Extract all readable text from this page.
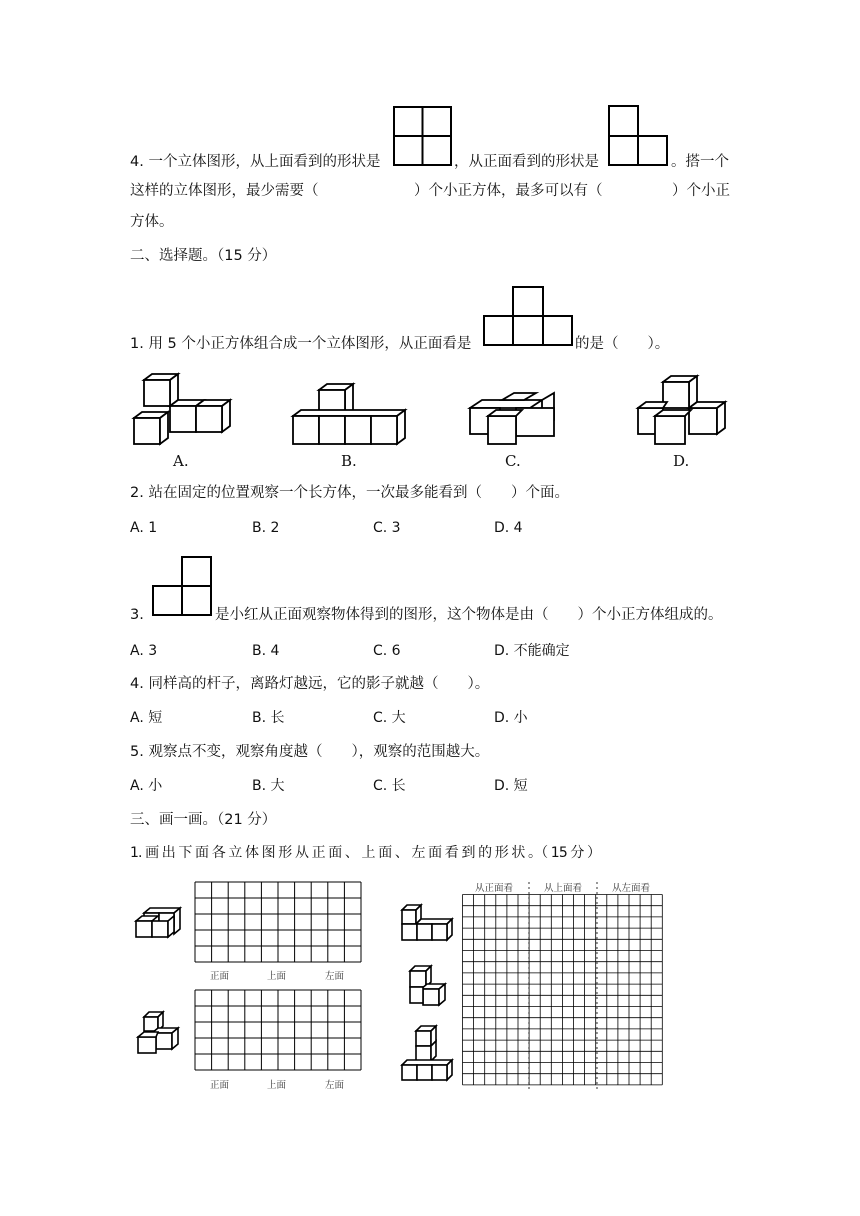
4. 一个立体图形，从上面看到的形状是	，从正面看到的形状是	。搭一个
这样的立体图形，最少需要（	）个小正方体，最多可以有（	）个小正
方体。
二、选择题。（15 分）
1. 用 5 个小正方体组合成一个立体图形，从正面看是	的是（　　）。
A.	B.	C.	D.
2. 站在固定的位置观察一个长方体，一次最多能看到（　　）个面。
A. 1	B. 2	C. 3	D. 4
3.	是小红从正面观察物体得到的图形，这个物体是由（　　）个小正方体组成的。
A. 3	B. 4	C. 6	D. 不能确定
4. 同样高的杆子，离路灯越远，它的影子就越（　　）。
A. 短	B. 长	C. 大	D. 小
5. 观察点不变，观察角度越（　　），观察的范围越大。
A. 小	B. 大	C. 长	D. 短
三、画一画。（21 分）
1. 画 出 下 面 各 立 体 图 形 从 正 面 、 上 面 、 左 面 看 到 的 形 状 。（ 15 分 ）
正面	上面	左面
正面	上面	左面
从正面看	从上面看	从左面看
